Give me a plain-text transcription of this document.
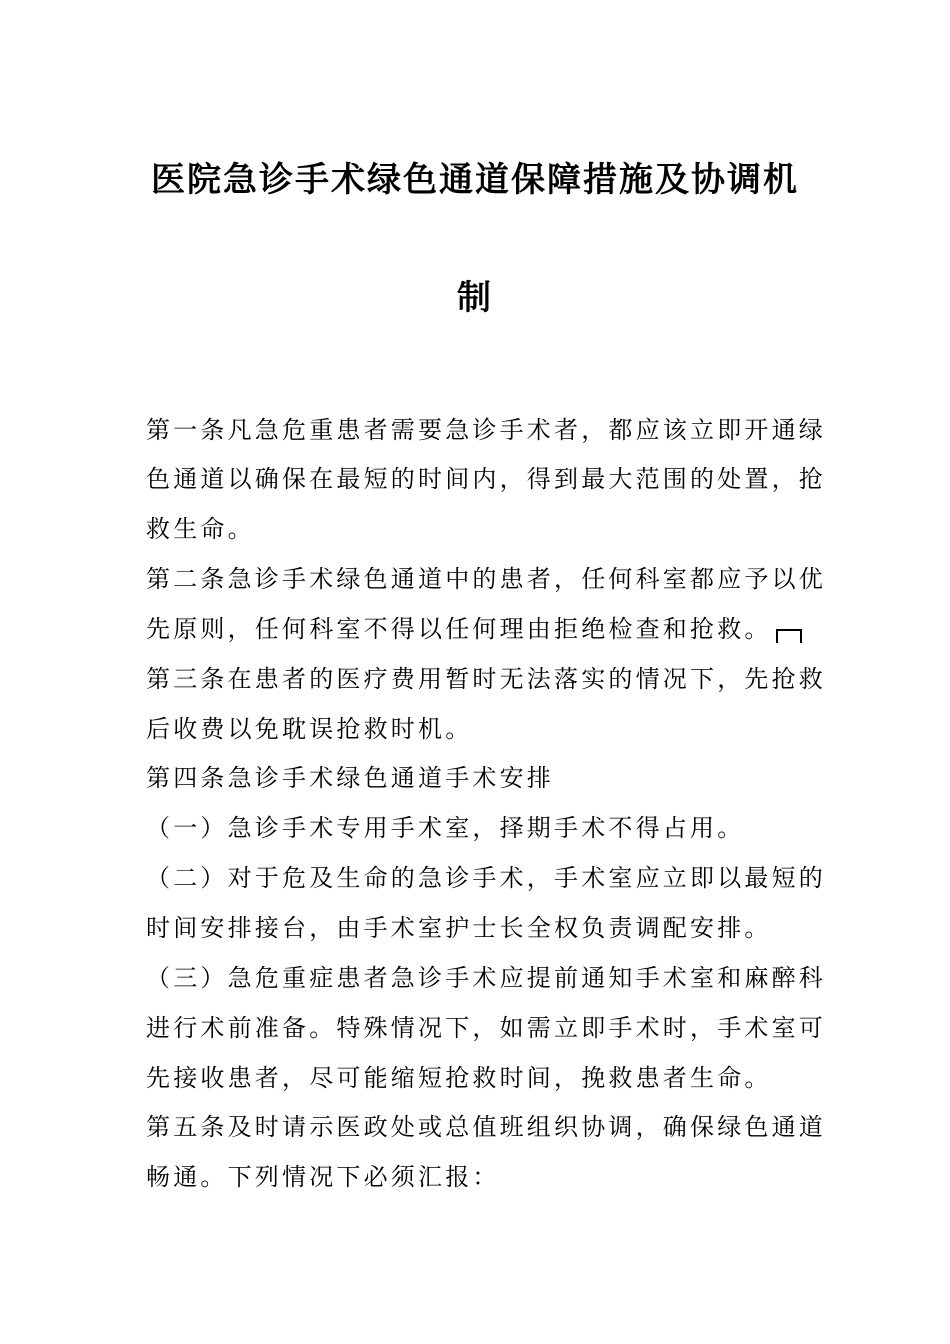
医院急诊手术绿色通道保障措施及协调机
制
第一条凡急危重患者需要急诊手术者，都应该立即开通绿
色通道以确保在最短的时间内，得到最大范围的处置，抢
救生命。
第二条急诊手术绿色通道中的患者，任何科室都应予以优
先原则，任何科室不得以任何理由拒绝检查和抢救。
第三条在患者的医疗费用暂时无法落实的情况下，先抢救
后收费以免耽误抢救时机。
第四条急诊手术绿色通道手术安排
（一）急诊手术专用手术室，择期手术不得占用。
（二）对于危及生命的急诊手术，手术室应立即以最短的
时间安排接台，由手术室护士长全权负责调配安排。
（三）急危重症患者急诊手术应提前通知手术室和麻醉科
进行术前准备。特殊情况下，如需立即手术时，手术室可
先接收患者，尽可能缩短抢救时间，挽救患者生命。
第五条及时请示医政处或总值班组织协调，确保绿色通道
畅通。下列情况下必须汇报：
